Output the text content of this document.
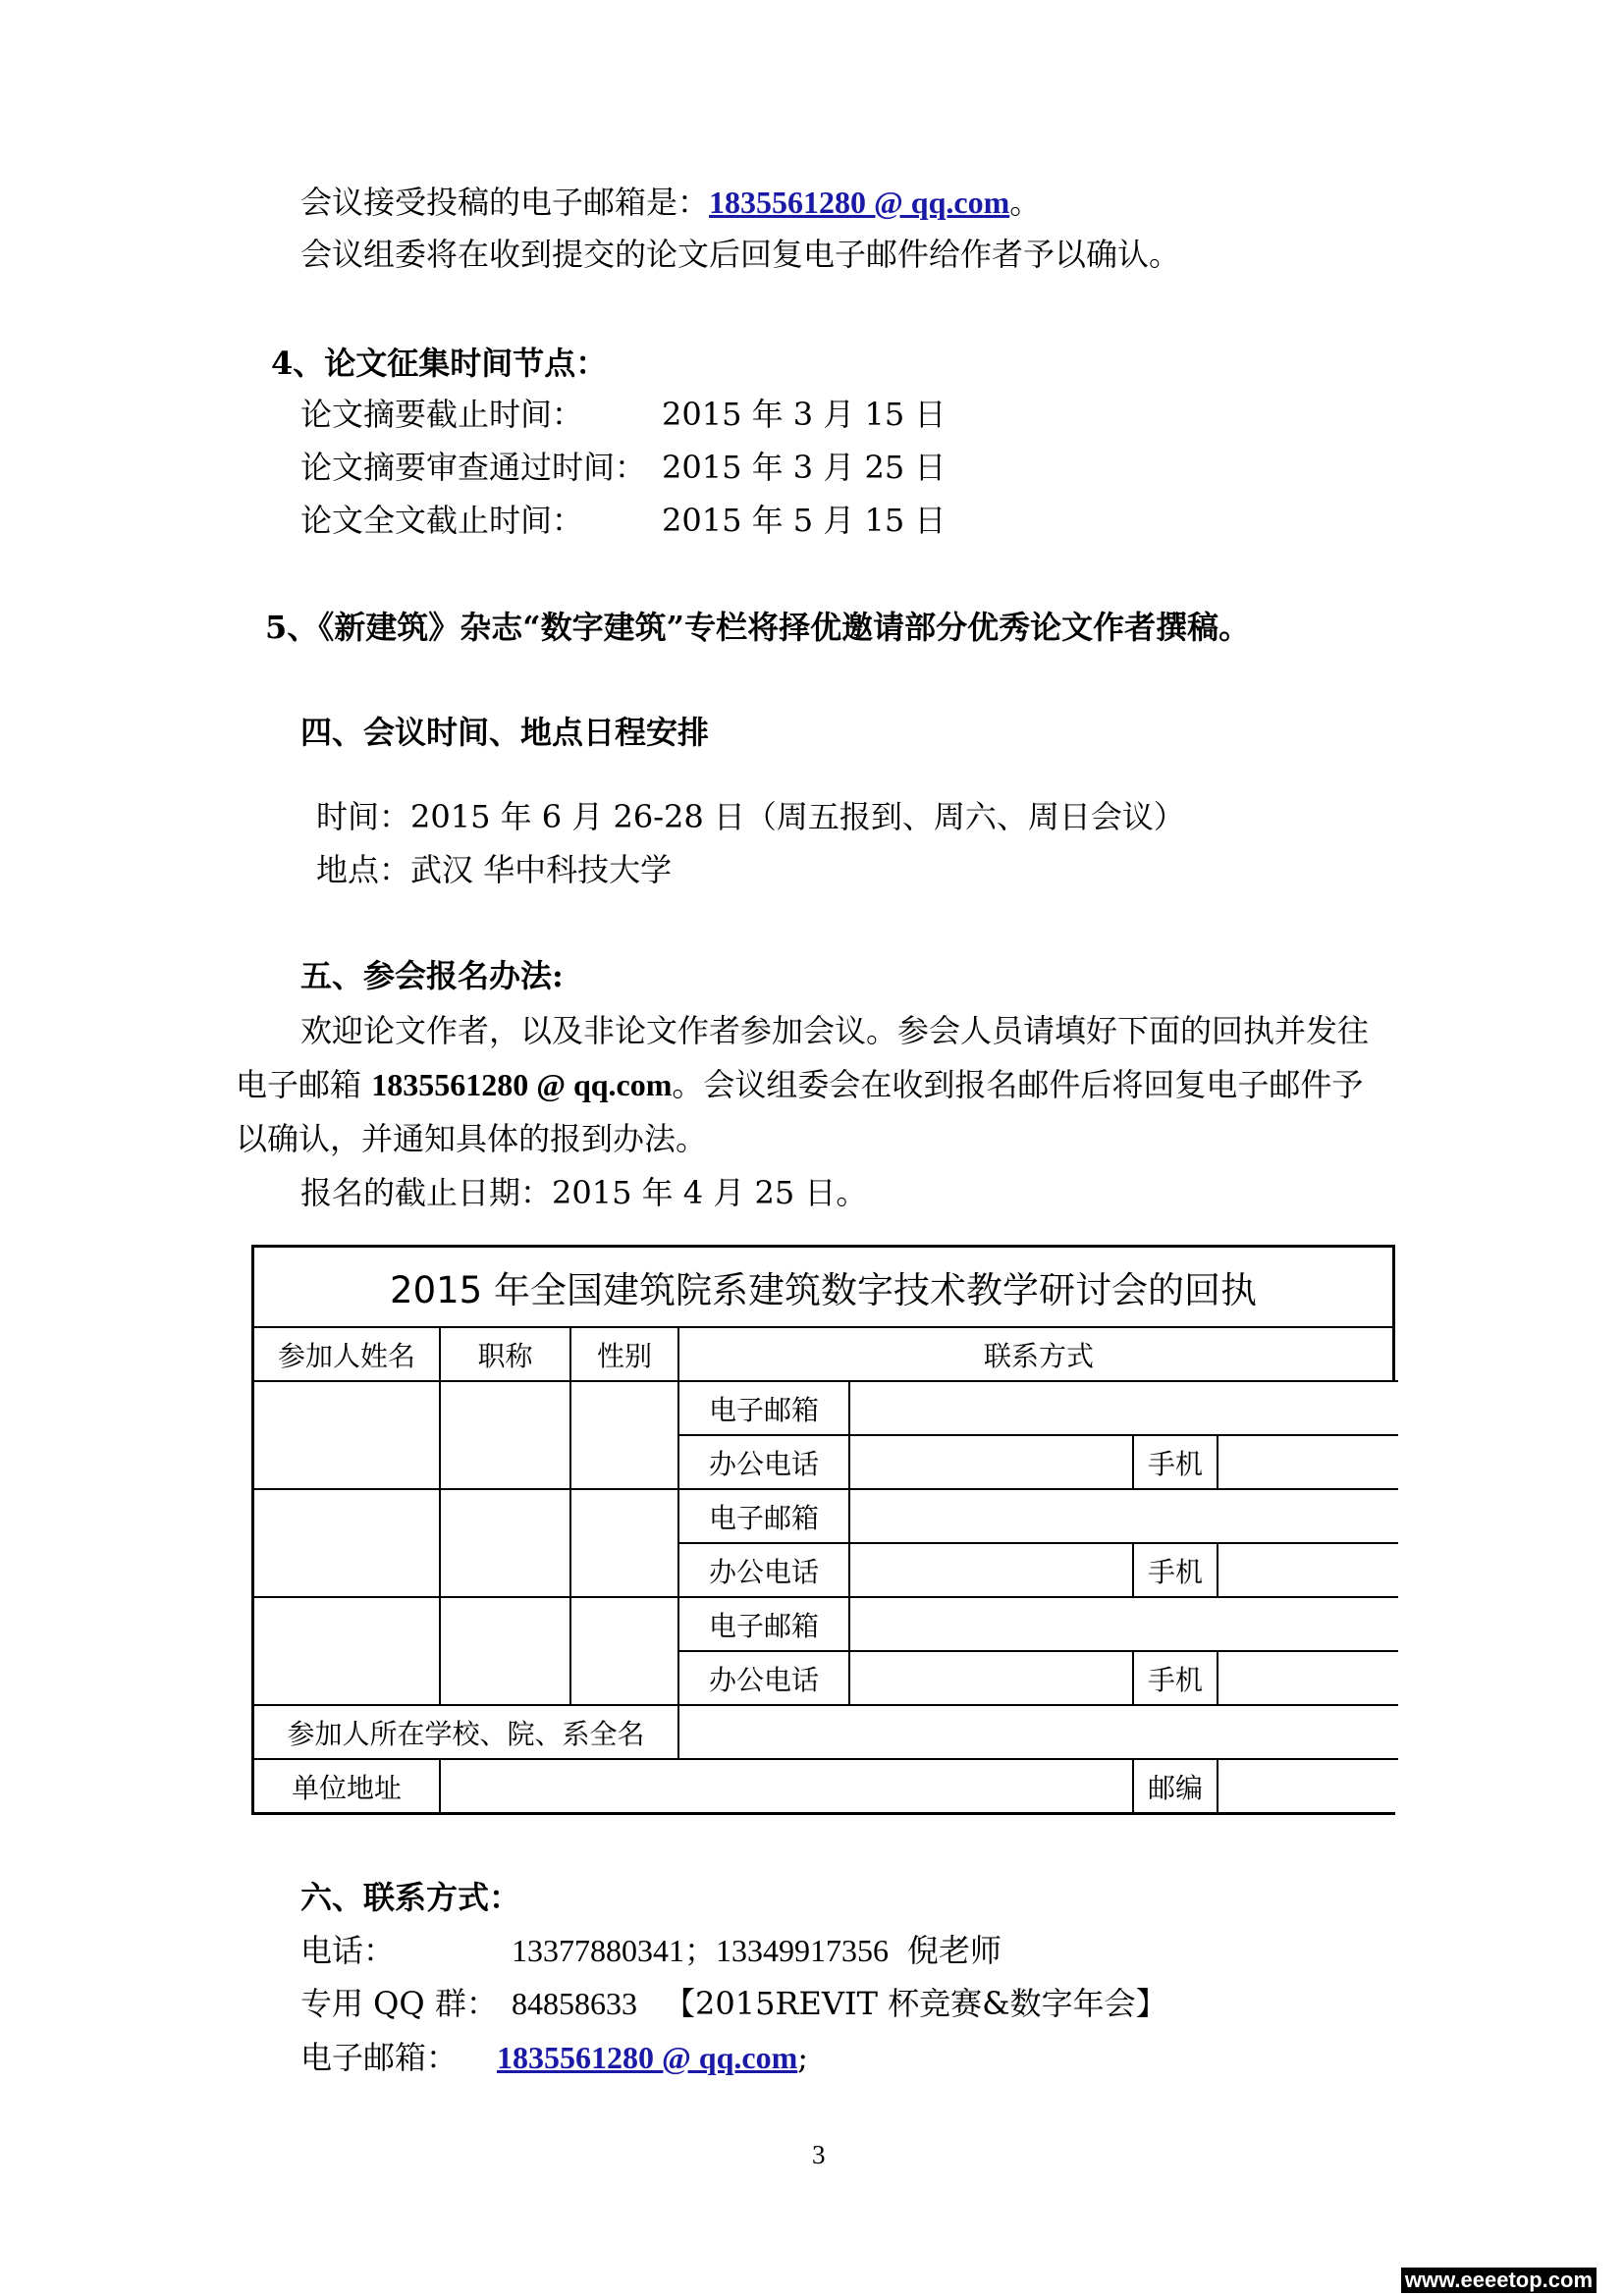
会议接受投稿的电子邮箱是：1835561280 @ qq.com。
会议组委将在收到提交的论文后回复电子邮件给作者予以确认。
4、论文征集时间节点：
论文摘要截止时间： 2015 年 3 月 15 日
论文摘要审查通过时间： 2015 年 3 月 25 日
论文全文截止时间： 2015 年 5 月 15 日
5、《新建筑》杂志“数字建筑”专栏将择优邀请部分优秀论文作者撰稿。
四、会议时间、地点日程安排
时间：2015 年 6 月 26-28 日（周五报到、周六、周日会议）
地点：武汉 华中科技大学
五、参会报名办法:
欢迎论文作者，以及非论文作者参加会议。参会人员请填好下面的回执并发往
电子邮箱 1835561280 @ qq.com。会议组委会在收到报名邮件后将回复电子邮件予
以确认，并通知具体的报到办法。
报名的截止日期：2015 年 4 月 25 日。
2015 年全国建筑院系建筑数字技术教学研讨会的回执
参加人姓名	职称	性别	联系方式			
			电子邮箱			
			办公电话		手机	
			电子邮箱			
			办公电话		手机	
			电子邮箱			
			办公电话		手机	
参加人所在学校、院、系全名						
单位地址					邮编	
六、联系方式：
电话：	13377880341；13349917356 倪老师
专用 QQ 群： 84858633 【2015REVIT 杯竞赛&数字年会】
电子邮箱： 1835561280 @ qq.com;
3
www.eeeetop.com
